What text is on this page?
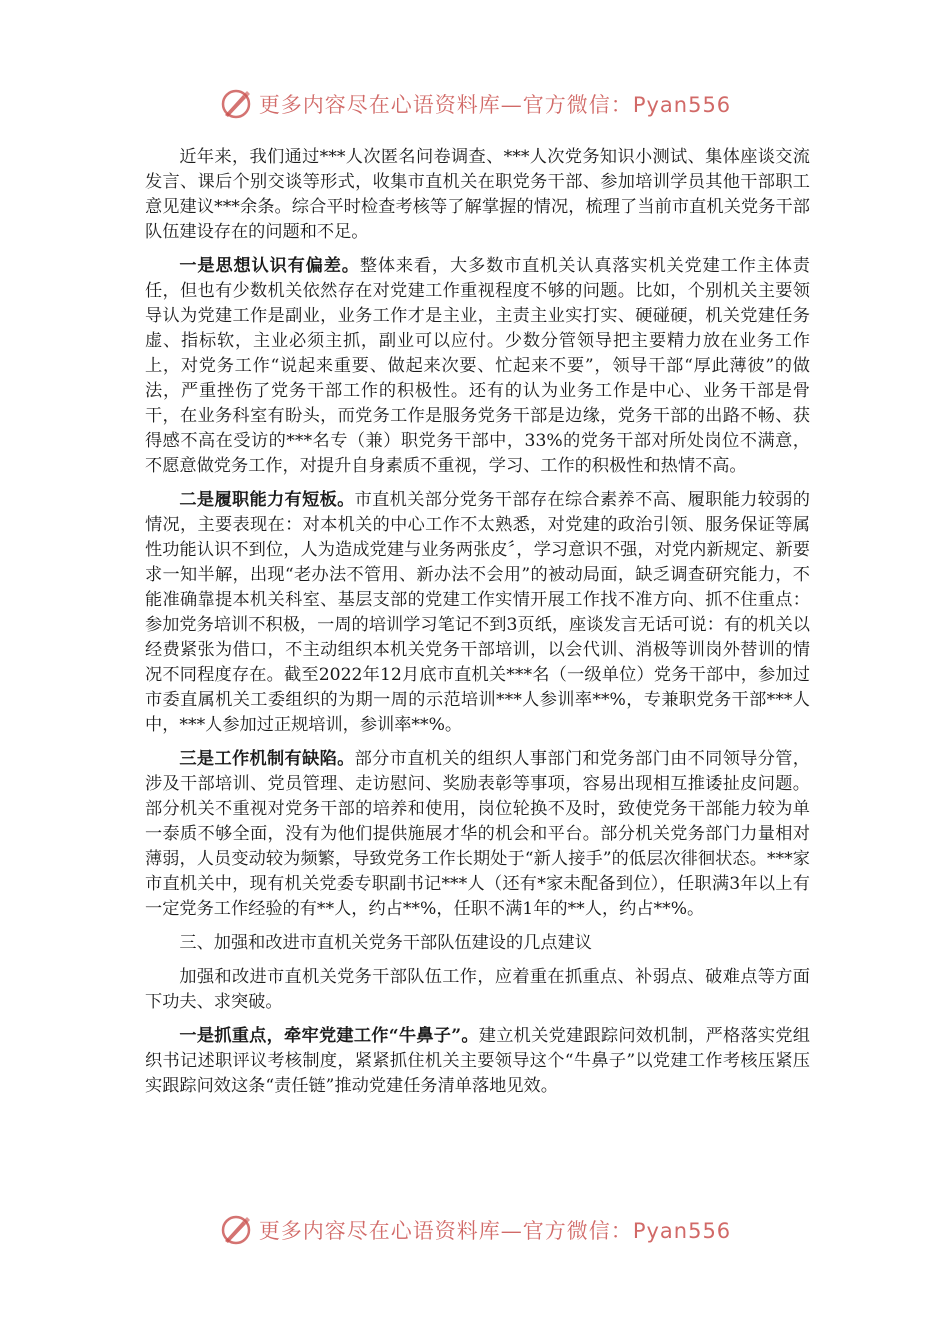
更多内容尽在心语资料库—官方微信：Pyan556

近年来，我们通过***人次匿名问卷调查、***人次党务知识小测试、集体座谈交流发言、课后个别交谈等形式，收集市直机关在职党务干部、参加培训学员其他干部职工意见建议***余条。综合平时检查考核等了解掌握的情况，梳理了当前市直机关党务干部队伍建设存在的问题和不足。

一是思想认识有偏差。整体来看，大多数市直机关认真落实机关党建工作主体责任，但也有少数机关依然存在对党建工作重视程度不够的问题。比如，个别机关主要领导认为党建工作是副业，业务工作才是主业，主责主业实打实、硬碰硬，机关党建任务虚、指标软，主业必须主抓，副业可以应付。少数分管领导把主要精力放在业务工作上，对党务工作“说起来重要、做起来次要、忙起来不要”，领导干部“厚此薄彼”的做法，严重挫伤了党务干部工作的积极性。还有的认为业务工作是中心、业务干部是骨干，在业务科室有盼头，而党务工作是服务党务干部是边缘，党务干部的出路不畅、获得感不高在受访的***名专（兼）职党务干部中，33%的党务干部对所处岗位不满意，不愿意做党务工作，对提升自身素质不重视，学习、工作的积极性和热情不高。

二是履职能力有短板。市直机关部分党务干部存在综合素养不高、履职能力较弱的情况，主要表现在：对本机关的中心工作不太熟悉，对党建的政治引领、服务保证等属性功能认识不到位，人为造成党建与业务两张皮〞，学习意识不强，对党内新规定、新要求一知半解，出现“老办法不管用、新办法不会用”的被动局面，缺乏调查研究能力，不能准确靠提本机关科室、基层支部的党建工作实情开展工作找不准方向、抓不住重点：参加党务培训不积极，一周的培训学习笔记不到3页纸，座谈发言无话可说：有的机关以经费紧张为借口，不主动组织本机关党务干部培训，以会代训、消极等训岗外替训的情况不同程度存在。截至2022年12月底市直机关***名（一级单位）党务干部中，参加过市委直属机关工委组织的为期一周的示范培训***人参训率**%，专兼职党务干部***人中，***人参加过正规培训，参训率**%。

三是工作机制有缺陷。部分市直机关的组织人事部门和党务部门由不同领导分管，涉及干部培训、党员管理、走访慰问、奖励表彰等事项，容易出现相互推诿扯皮问题。部分机关不重视对党务干部的培养和使用，岗位轮换不及时，致使党务干部能力较为单一泰质不够全面，没有为他们提供施展才华的机会和平台。部分机关党务部门力量相对薄弱，人员变动较为频繁，导致党务工作长期处于“新人接手”的低层次徘徊状态。***家市直机关中，现有机关党委专职副书记***人（还有*家未配备到位），任职满3年以上有一定党务工作经验的有**人，约占**%，任职不满1年的**人，约占**%。

三、加强和改进市直机关党务干部队伍建设的几点建议

加强和改进市直机关党务干部队伍工作，应着重在抓重点、补弱点、破难点等方面下功夫、求突破。

一是抓重点，牵牢党建工作“牛鼻子”。建立机关党建跟踪问效机制，严格落实党组织书记述职评议考核制度，紧紧抓住机关主要领导这个“牛鼻子”以党建工作考核压紧压实跟踪问效这条“责任链”推动党建任务清单落地见效。

更多内容尽在心语资料库—官方微信：Pyan556
